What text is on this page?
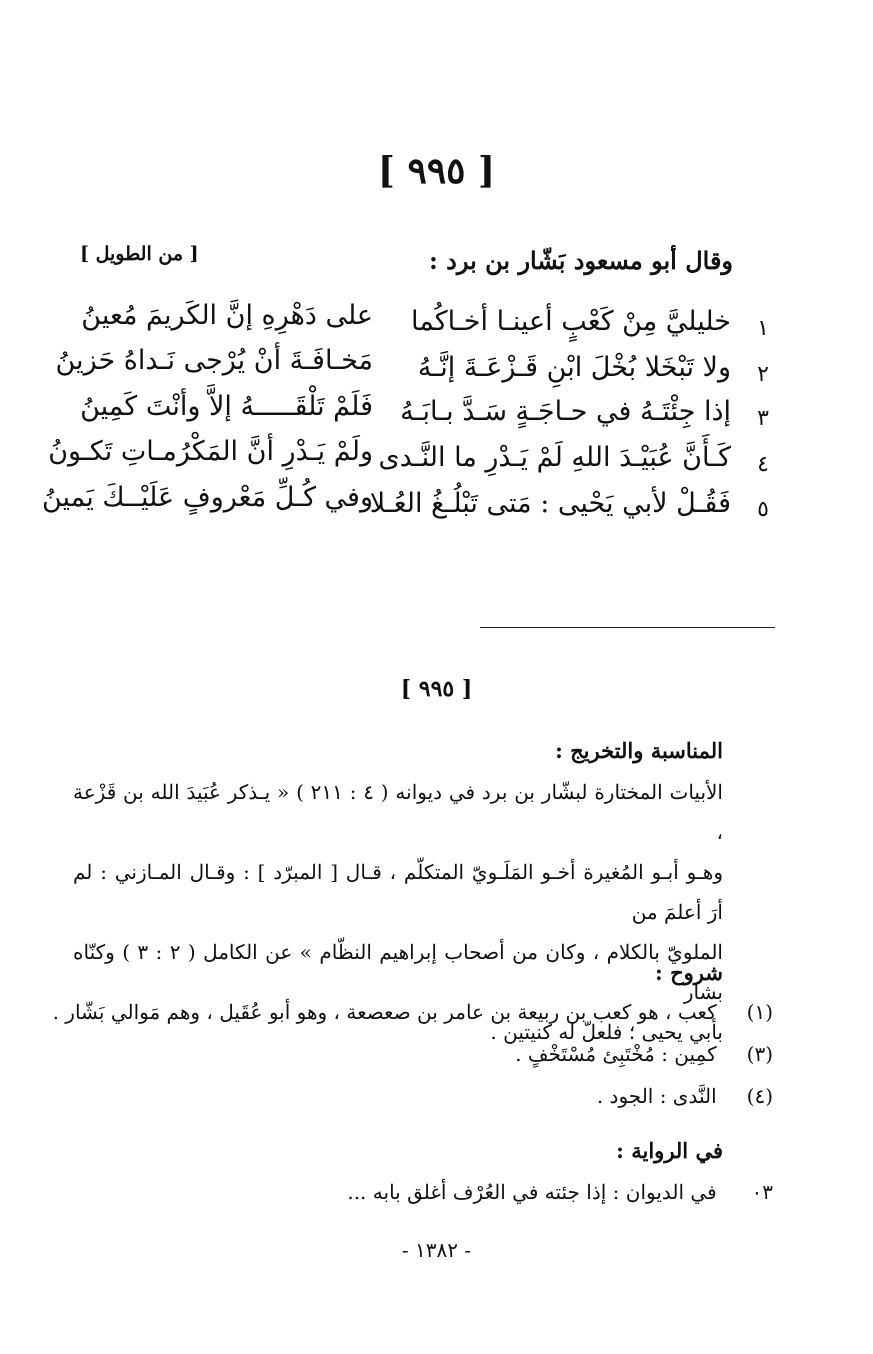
[ ٩٩٥ ]
وقال أبو مسعود بَشّار بن برد :
[ من الطويل ]
١
خليليَّ مِنْ كَعْبٍ أعينـا أخـاكُما
على دَهْرِهِ إنَّ الكَريمَ مُعينُ
٢
ولا تَبْخَلا بُخْلَ ابْنِ قَـزْعَـةَ إنَّـهُ
مَخـافَـةَ أنْ يُرْجى نَـداهُ حَزينُ
٣
إذا جِئْتَـهُ في حـاجَـةٍ سَـدَّ بـابَـهُ
فَلَمْ تَلْقَـــــهُ إلاَّ وأنْتَ كَمِينُ
٤
كَـأَنَّ عُبَيْـدَ اللهِ لَمْ يَـدْرِ ما النَّـدى
ولَمْ يَـدْرِ أنَّ المَكْرُمـاتِ تَكـونُ
٥
فَقُـلْ لأبي يَحْيى : مَتى تَبْلُـغُ العُـلا
وفي كُـلِّ مَعْروفٍ عَلَيْــكَ يَمينُ
[ ٩٩٥ ]
المناسبة والتخريج :
الأبيات المختارة لبشّار بن برد في ديوانه ( ٤ : ٢١١ ) « يـذكر عُبَيدَ الله بن قَزْعة ،
وهـو أبـو المُغيرة أخـو المَلَـويّ المتكلّم ، قـال [ المبرّد ] : وقـال المـازني : لم أرَ أعلمَ من
الملويّ بالكلام ، وكان من أصحاب إبراهيم النظّام » عن الكامل ( ٢ : ٣ ) وكنّاه بشار
بأبي يحيى ؛ فلعلّ له كنيتين .
شروح :
(١) كعب ، هو كعب بن ربيعة بن عامر بن صعصعة ، وهو أبو عُقَيل ، وهم مَوالي بَشّار .
(٣) كمِين : مُخْتَبِئ مُسْتَخْفٍ .
(٤) النَّدى : الجود .
في الرواية :
٠٣ في الديوان : إذا جئته في العُرْف أغلق بابه ...
- ١٣٨٢ -
